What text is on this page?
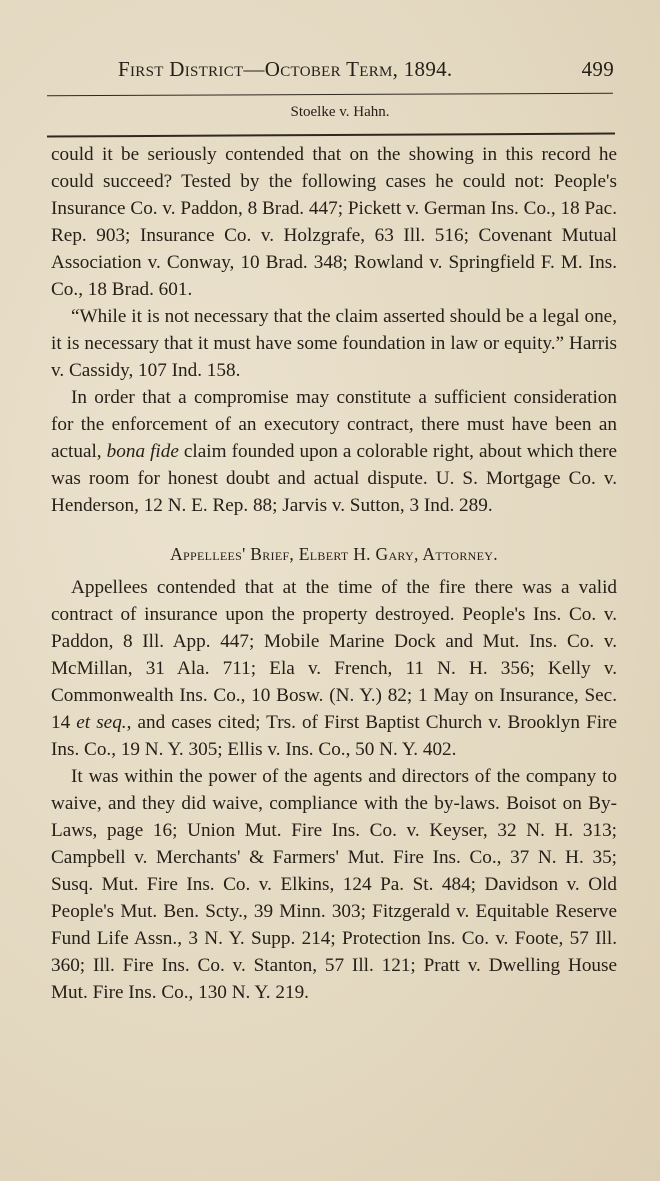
First District—October Term, 1894.	499
Stoelke v. Hahn.

could it be seriously contended that on the showing in this record he could succeed? Tested by the following cases he could not: People's Insurance Co. v. Paddon, 8 Brad. 447; Pickett v. German Ins. Co., 18 Pac. Rep. 903; Insurance Co. v. Holzgrafe, 63 Ill. 516; Covenant Mutual Association v. Conway, 10 Brad. 348; Rowland v. Springfield F. M. Ins. Co., 18 Brad. 601.

“While it is not necessary that the claim asserted should be a legal one, it is necessary that it must have some foundation in law or equity.” Harris v. Cassidy, 107 Ind. 158.

In order that a compromise may constitute a sufficient consideration for the enforcement of an executory contract, there must have been an actual, bona fide claim founded upon a colorable right, about which there was room for honest doubt and actual dispute. U. S. Mortgage Co. v. Henderson, 12 N. E. Rep. 88; Jarvis v. Sutton, 3 Ind. 289.

Appellees' Brief, Elbert H. Gary, Attorney.

Appellees contended that at the time of the fire there was a valid contract of insurance upon the property destroyed. People's Ins. Co. v. Paddon, 8 Ill. App. 447; Mobile Marine Dock and Mut. Ins. Co. v. McMillan, 31 Ala. 711; Ela v. French, 11 N. H. 356; Kelly v. Commonwealth Ins. Co., 10 Bosw. (N. Y.) 82; 1 May on Insurance, Sec. 14 et seq., and cases cited; Trs. of First Baptist Church v. Brooklyn Fire Ins. Co., 19 N. Y. 305; Ellis v. Ins. Co., 50 N. Y. 402.

It was within the power of the agents and directors of the company to waive, and they did waive, compliance with the by-laws. Boisot on By-Laws, page 16; Union Mut. Fire Ins. Co. v. Keyser, 32 N. H. 313; Campbell v. Merchants' & Farmers' Mut. Fire Ins. Co., 37 N. H. 35; Susq. Mut. Fire Ins. Co. v. Elkins, 124 Pa. St. 484; Davidson v. Old People's Mut. Ben. Scty., 39 Minn. 303; Fitzgerald v. Equitable Reserve Fund Life Assn., 3 N. Y. Supp. 214; Protection Ins. Co. v. Foote, 57 Ill. 360; Ill. Fire Ins. Co. v. Stanton, 57 Ill. 121; Pratt v. Dwelling House Mut. Fire Ins. Co., 130 N. Y. 219.
